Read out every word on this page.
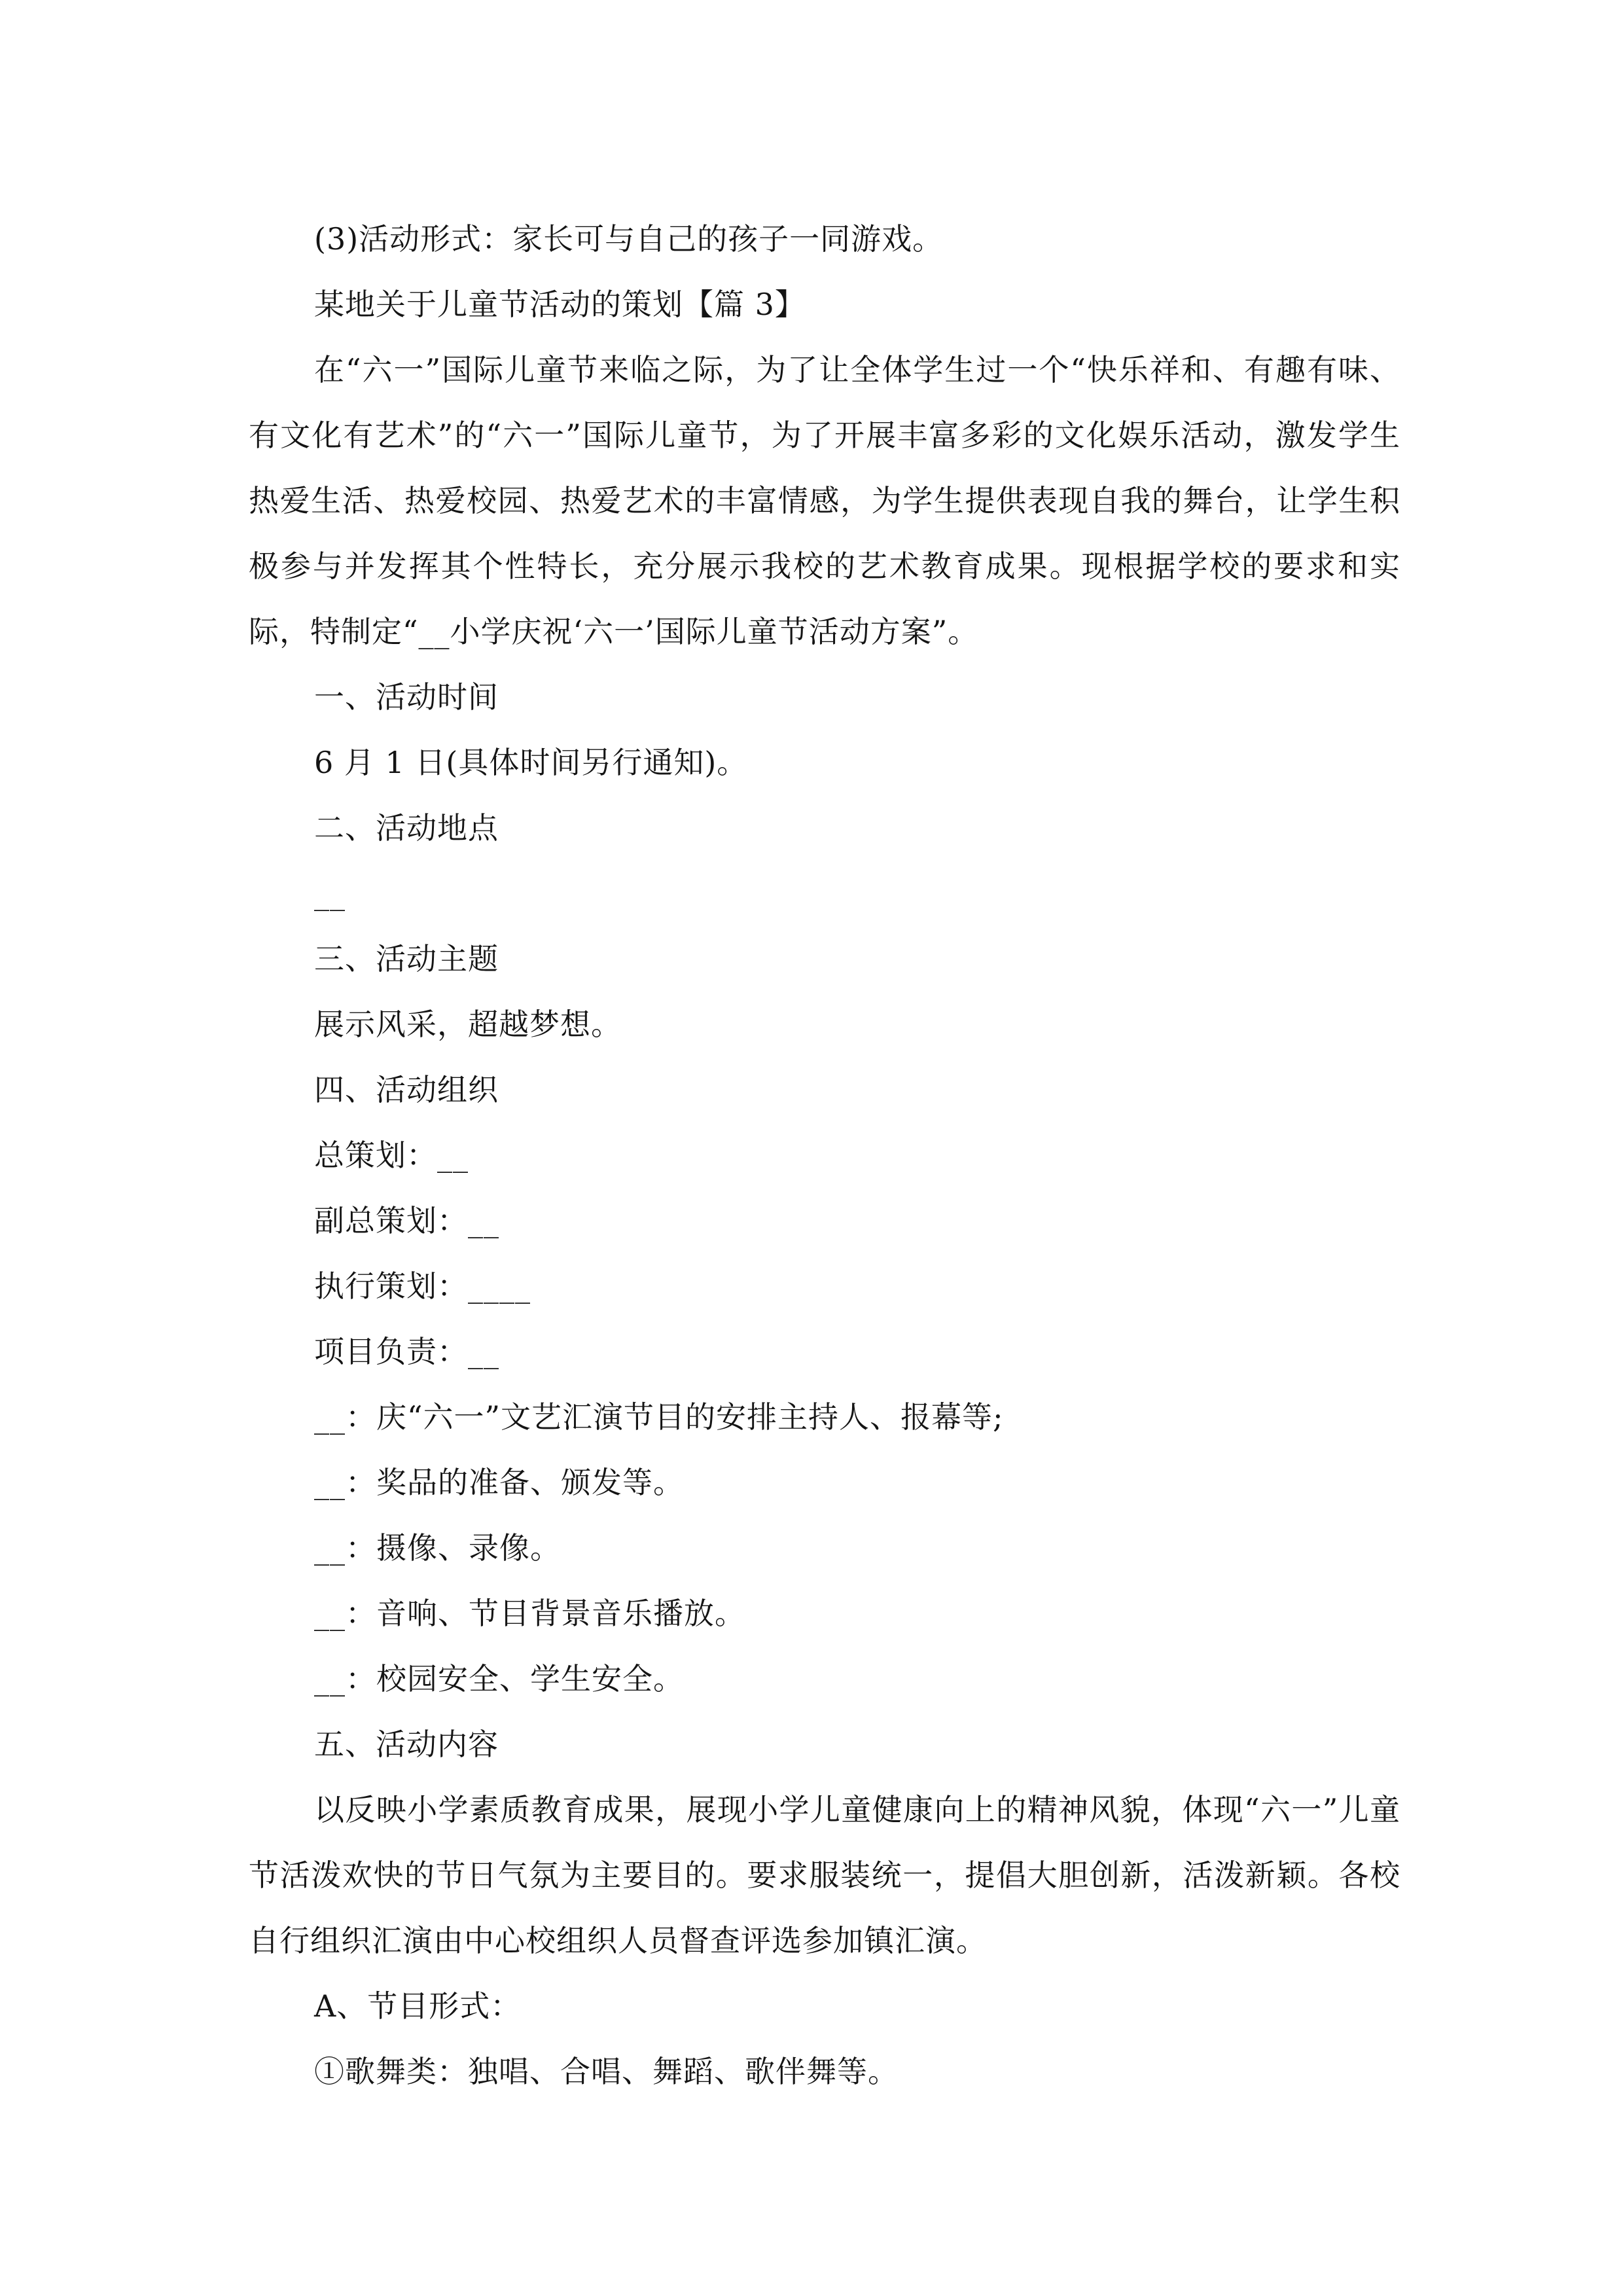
(3)活动形式：家长可与自己的孩子一同游戏。

某地关于儿童节活动的策划【篇 3】

在“六一”国际儿童节来临之际，为了让全体学生过一个“快乐祥和、有趣有味、有文化有艺术”的“六一”国际儿童节，为了开展丰富多彩的文化娱乐活动，激发学生热爱生活、热爱校园、热爱艺术的丰富情感，为学生提供表现自我的舞台，让学生积极参与并发挥其个性特长，充分展示我校的艺术教育成果。现根据学校的要求和实际，特制定“__小学庆祝‘六一’国际儿童节活动方案”。

一、活动时间

6 月 1 日(具体时间另行通知)。

二、活动地点

__

三、活动主题

展示风采，超越梦想。

四、活动组织

总策划：__

副总策划：__

执行策划：____

项目负责：__

__：庆“六一”文艺汇演节目的安排主持人、报幕等;

__：奖品的准备、颁发等。

__：摄像、录像。

__：音响、节目背景音乐播放。

__：校园安全、学生安全。

五、活动内容

以反映小学素质教育成果，展现小学儿童健康向上的精神风貌，体现“六一”儿童节活泼欢快的节日气氛为主要目的。要求服装统一，提倡大胆创新，活泼新颖。各校自行组织汇演由中心校组织人员督查评选参加镇汇演。

A、节目形式：

①歌舞类：独唱、合唱、舞蹈、歌伴舞等。
